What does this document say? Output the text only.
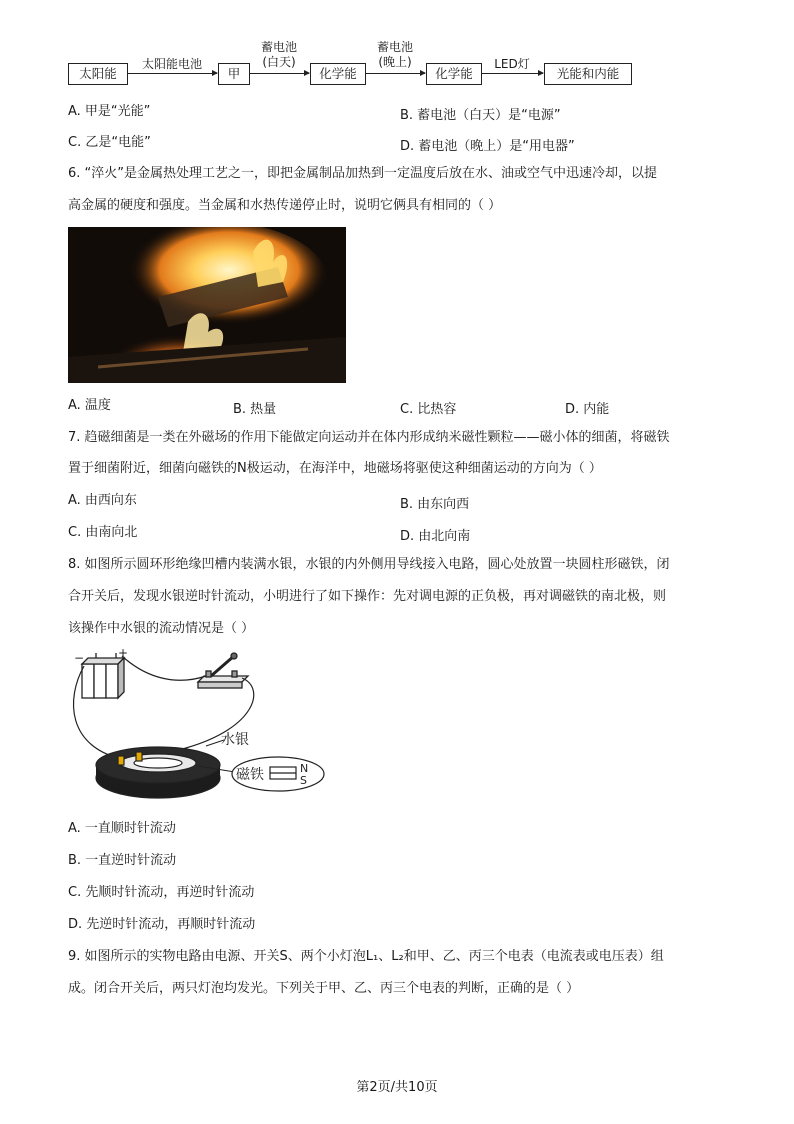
太阳能
太阳能电池
甲
蓄电池
(白天)
化学能
蓄电池
(晚上)
化学能
LED灯
光能和内能
A. 甲是“光能”	B. 蓄电池（白天）是“电源”
C. 乙是“电能”	D. 蓄电池（晚上）是“用电器”
6. “淬火”是金属热处理工艺之一，即把金属制品加热到一定温度后放在水、油或空气中迅速冷却，以提
高金属的硬度和强度。当金属和水热传递停止时，说明它俩具有相同的（ ）
A. 温度	B. 热量	C. 比热容	D. 内能
7. 趋磁细菌是一类在外磁场的作用下能做定向运动并在体内形成纳米磁性颗粒——磁小体的细菌，将磁铁
置于细菌附近，细菌向磁铁的N极运动，在海洋中，地磁场将驱使这种细菌运动的方向为（ ）
A. 由西向东	B. 由东向西
C. 由南向北	D. 由北向南
8. 如图所示圆环形绝缘凹槽内装满水银，水银的内外侧用导线接入电路，圆心处放置一块圆柱形磁铁，闭
合开关后，发现水银逆时针流动，小明进行了如下操作：先对调电源的正负极，再对调磁铁的南北极，则
该操作中水银的流动情况是（ ）
+
−
水银
磁铁	N
S
A. 一直顺时针流动
B. 一直逆时针流动
C. 先顺时针流动，再逆时针流动
D. 先逆时针流动，再顺时针流动
9. 如图所示的实物电路由电源、开关S、两个小灯泡L₁、L₂和甲、乙、丙三个电表（电流表或电压表）组
成。闭合开关后，两只灯泡均发光。下列关于甲、乙、丙三个电表的判断，正确的是（ ）
第2页/共10页
